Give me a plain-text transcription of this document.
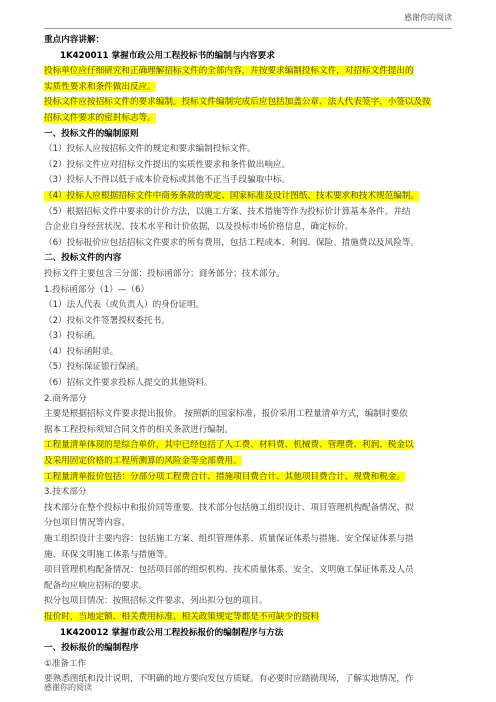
感谢你的阅读
重点内容讲解：
1K420011 掌握市政公用工程投标书的编制与内容要求
投标单位应仔细研究和正确理解招标文件的全部内容，并按要求编制投标文件，对招标文件提出的
实质性要求和条件做出反应。
投标文件应按招标文件的要求编制。投标文件编制完成后应包括加盖公章、法人代表签字、小签以及按
招标文件要求的密封标志等。
一、投标文件的编制原则
（1）投标人应按招标文件的规定和要求编制投标文件。
（2）投标文件应对招标文件提出的实质性要求和条件做出响应。
（3）投标人不得以低于成本价竞标或其他不正当手段骗取中标。
（4）投标人应根据招标文件中商务条款的规定、国家标准及设计图纸、技术要求和技术规范编制。
（5）根据招标文件中要求的计价方法，以施工方案、技术措施等作为投标价计算基本条件。并结
合企业自身经营状况、技术水平和计价依据，以及投标市场价格信息，确定标价。
（6）投标报价应包括招标文件要求的所有费用，包括工程成本、利润、保险、措施费以及风险等。
二、投标文件的内容
投标文件主要包含三分部：投标函部分；商务部分；技术部分。
1.投标函部分（1）—（6）
（1）法人代表（或负责人）的身份证明。
（2）投标文件签署授权委托书。
（3）投标函。
（4）投标函附录。
（5）投标保证银行保函。
（6）招标文件要求投标人提交的其他资料。
2.商务部分
主要是根据招标文件要求提出报价。 按照新的国家标准，报价采用工程量清单方式，编制时要依
据本工程投标须知合同文件的相关条款进行编制。
工程量清单体现的是综合单价，其中已经包括了人工费、材料费、机械费、管理费、利润、税金以
及采用固定价格的工程所测算的风险金等全部费用。
工程量清单报价包括：分部分项工程费合计、措施项目费合计、其他项目费合计、规费和税金。
3.技术部分
技术部分在整个投标中和报价同等重要。技术部分包括施工组织设计、项目管理机构配备情况、拟
分包项目情况等内容。
施工组织设计主要内容：包括施工方案、组织管理体系、质量保证体系与措施、安全保证体系与措
施、环保文明施工体系与措施等。
项目管理机构配备情况：包括项目部的组织机构、技术质量体系、安全、文明施工保证体系及人员
配备均应响应招标的要求。
拟分包项目情况：按照招标文件要求，列出拟分包的项目。
报价时，当地定额、相关费用标准、相关政策规定等都是不可缺少的资料
1K420012 掌握市政公用工程投标报价的编制程序与方法
一、投标报价的编制程序
①准备工作
要熟悉图纸和设计说明，不明确的地方要向发包方质疑。有必要时应踏勘现场，了解实地情况，作
感谢你的阅读
